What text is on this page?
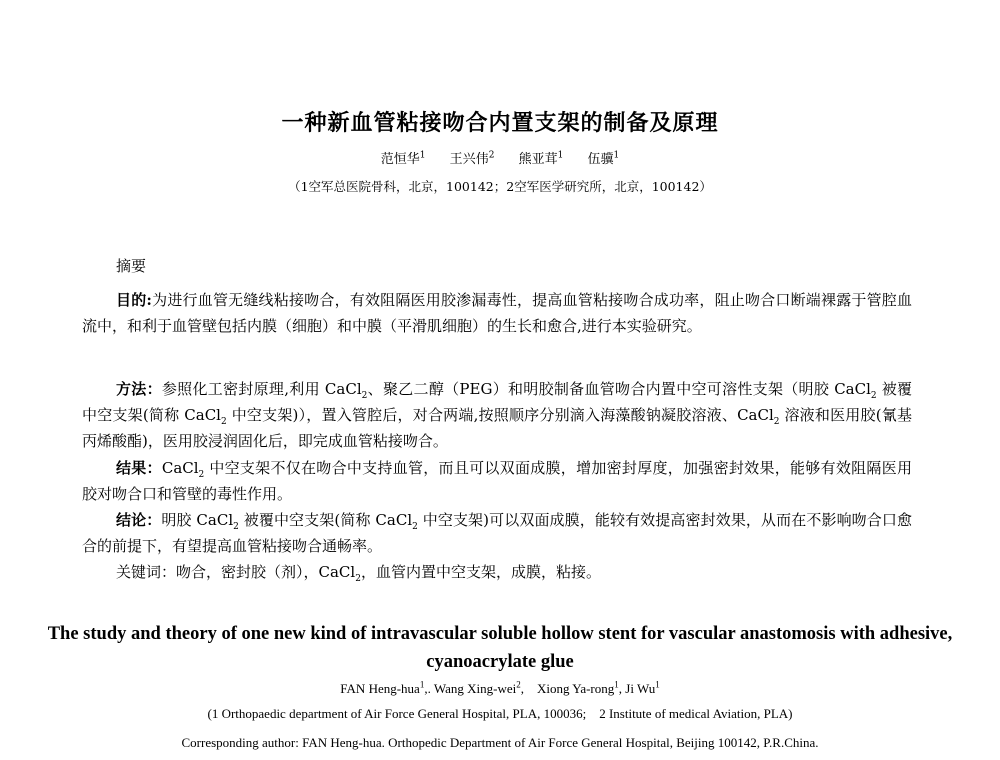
一种新血管粘接吻合内置支架的制备及原理
范恒华$^1$ 王兴伟$^2$ 熊亚茸$^1$ 伍骥$^1$
（1空军总医院骨科，北京，100142；2空军医学研究所，北京，100142）
摘要
目的:为进行血管无缝线粘接吻合，有效阻隔医用胶渗漏毒性，提高血管粘接吻合成功率，阻止吻合口断端裸露于管腔血流中，和利于血管壁包括内膜（细胞）和中膜（平滑肌细胞）的生长和愈合,进行本实验研究。
方法：参照化工密封原理,利用 CaCl$_2$、聚乙二醇（PEG）和明胶制备血管吻合内置中空可溶性支架（明胶 CaCl$_2$ 被覆中空支架(简称 CaCl$_2$ 中空支架)），置入管腔后，对合两端,按照顺序分别滴入海藻酸钠凝胶溶液、CaCl$_2$ 溶液和医用胶(氰基丙烯酸酯)，医用胶浸润固化后，即完成血管粘接吻合。
结果：CaCl$_2$ 中空支架不仅在吻合中支持血管，而且可以双面成膜，增加密封厚度，加强密封效果，能够有效阻隔医用胶对吻合口和管壁的毒性作用。
结论：明胶 CaCl$_2$ 被覆中空支架(简称 CaCl$_2$ 中空支架)可以双面成膜，能较有效提高密封效果，从而在不影响吻合口愈合的前提下，有望提高血管粘接吻合通畅率。
关键词：吻合，密封胶（剂），CaCl$_2$，血管内置中空支架，成膜，粘接。
The study and theory of one new kind of intravascular soluble hollow stent for vascular anastomosis with adhesive, cyanoacrylate glue
FAN Heng-hua$^1$,. Wang Xing-wei$^2$,    Xiong Ya-rong$^1$, Ji Wu$^1$
(1 Orthopaedic department of Air Force General Hospital, PLA, 100036;    2 Institute of medical Aviation, PLA)
Corresponding author: FAN Heng-hua. Orthopedic Department of Air Force General Hospital, Beijing 100142, P.R.China.
